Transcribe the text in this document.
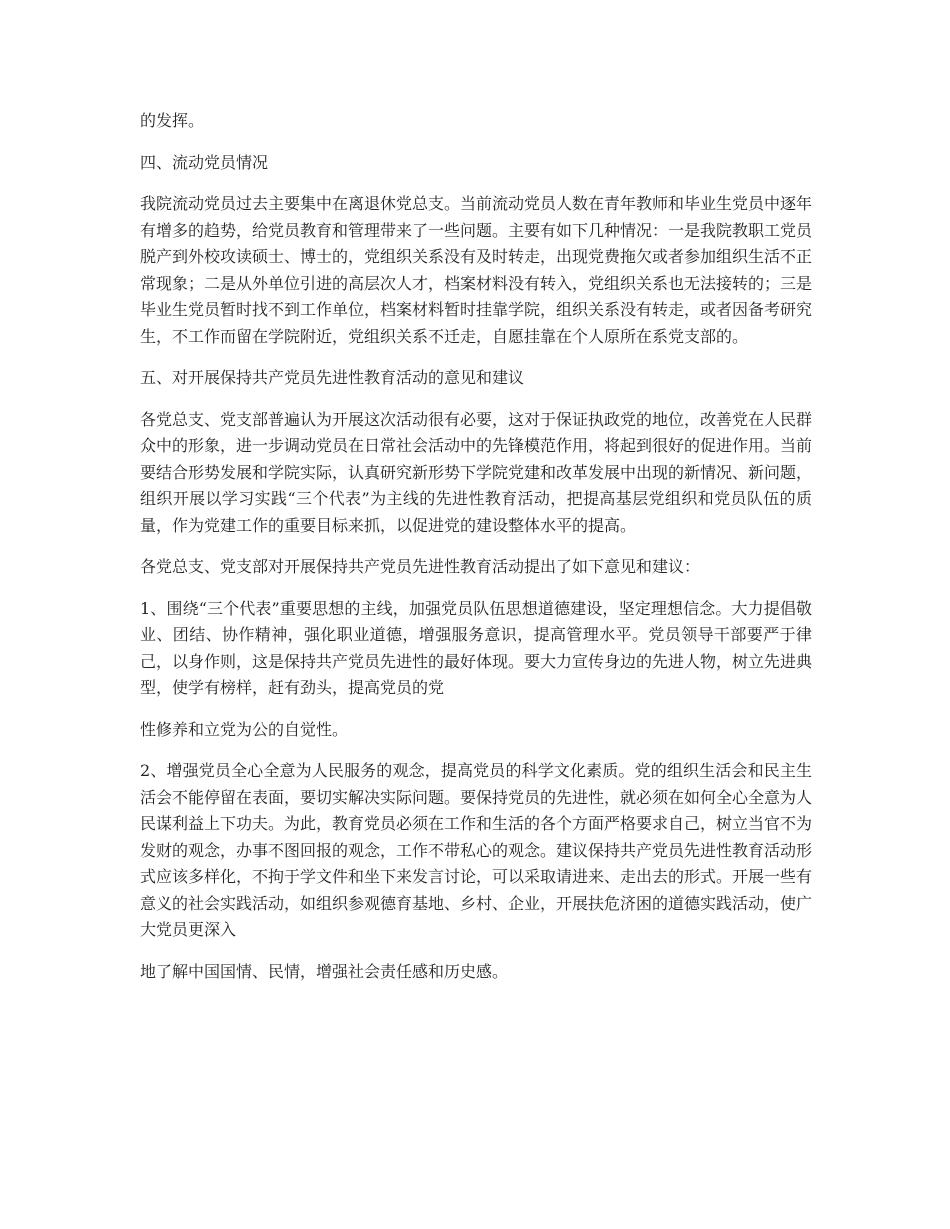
的发挥。

四、流动党员情况

我院流动党员过去主要集中在离退休党总支。当前流动党员人数在青年教师和毕业生党员中逐年有增多的趋势，给党员教育和管理带来了一些问题。主要有如下几种情况：一是我院教职工党员脱产到外校攻读硕士、博士的，党组织关系没有及时转走，出现党费拖欠或者参加组织生活不正常现象；二是从外单位引进的高层次人才，档案材料没有转入，党组织关系也无法接转的；三是毕业生党员暂时找不到工作单位，档案材料暂时挂靠学院，组织关系没有转走，或者因备考研究生，不工作而留在学院附近，党组织关系不迁走，自愿挂靠在个人原所在系党支部的。

五、对开展保持共产党员先进性教育活动的意见和建议

各党总支、党支部普遍认为开展这次活动很有必要，这对于保证执政党的地位，改善党在人民群众中的形象，进一步调动党员在日常社会活动中的先锋模范作用，将起到很好的促进作用。当前要结合形势发展和学院实际，认真研究新形势下学院党建和改革发展中出现的新情况、新问题，组织开展以学习实践“三个代表”为主线的先进性教育活动，把提高基层党组织和党员队伍的质量，作为党建工作的重要目标来抓，以促进党的建设整体水平的提高。

各党总支、党支部对开展保持共产党员先进性教育活动提出了如下意见和建议：

1、围绕“三个代表”重要思想的主线，加强党员队伍思想道德建设，坚定理想信念。大力提倡敬业、团结、协作精神，强化职业道德，增强服务意识，提高管理水平。党员领导干部要严于律己，以身作则，这是保持共产党员先进性的最好体现。要大力宣传身边的先进人物，树立先进典型，使学有榜样，赶有劲头，提高党员的党

性修养和立党为公的自觉性。

2、增强党员全心全意为人民服务的观念，提高党员的科学文化素质。党的组织生活会和民主生活会不能停留在表面，要切实解决实际问题。要保持党员的先进性，就必须在如何全心全意为人民谋利益上下功夫。为此，教育党员必须在工作和生活的各个方面严格要求自己，树立当官不为发财的观念，办事不图回报的观念，工作不带私心的观念。建议保持共产党员先进性教育活动形式应该多样化，不拘于学文件和坐下来发言讨论，可以采取请进来、走出去的形式。开展一些有意义的社会实践活动，如组织参观德育基地、乡村、企业，开展扶危济困的道德实践活动，使广大党员更深入

地了解中国国情、民情，增强社会责任感和历史感。
